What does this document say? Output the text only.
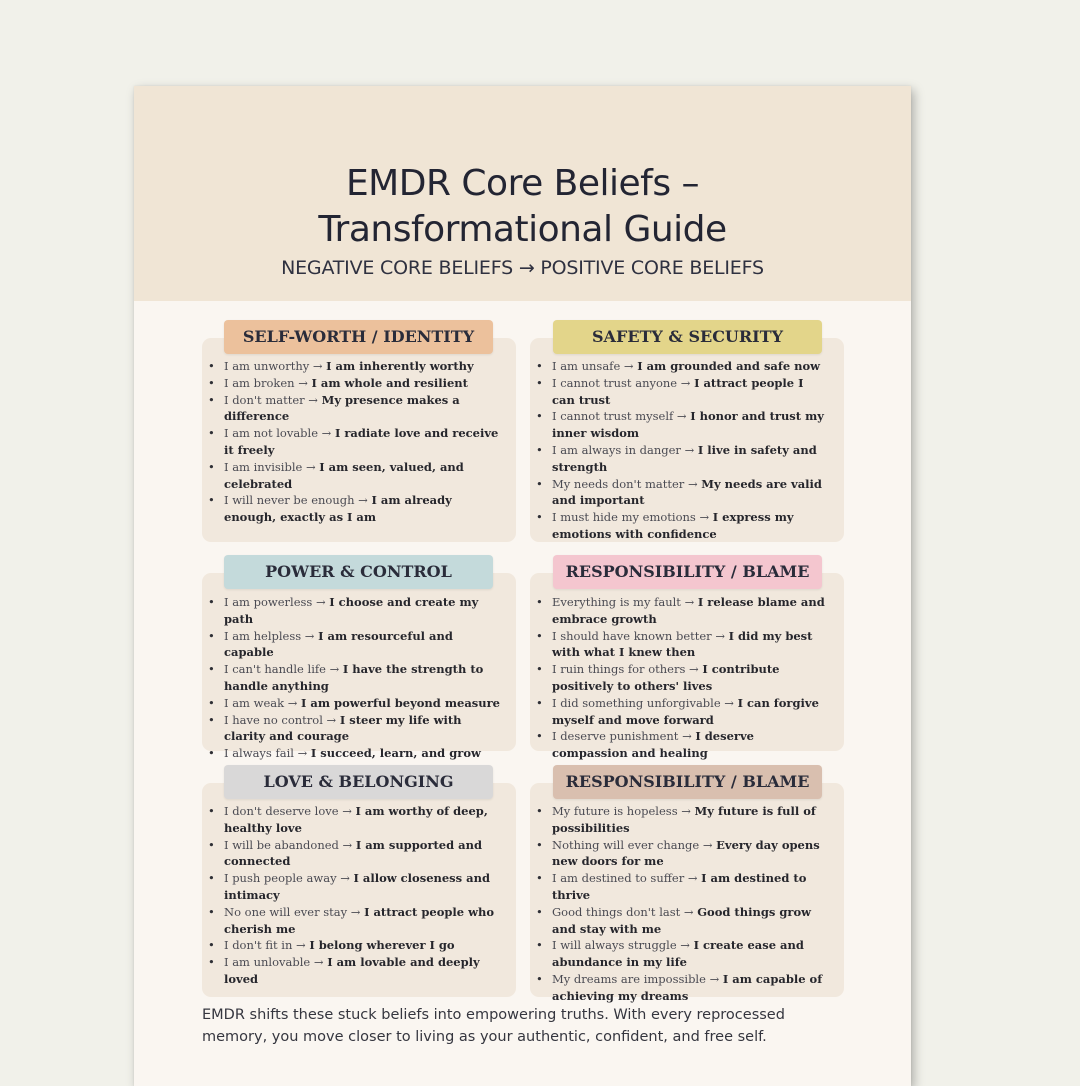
EMDR Core Beliefs –
Transformational Guide
NEGATIVE CORE BELIEFS → POSITIVE CORE BELIEFS
• I am unworthy → I am inherently worthy
• I am broken → I am whole and resilient
• I don't matter → My presence makes a difference
• I am not lovable → I radiate love and receive it freely
• I am invisible → I am seen, valued, and celebrated
• I will never be enough → I am already enough, exactly as I am
SELF-WORTH / IDENTITY
• I am unsafe → I am grounded and safe now
• I cannot trust anyone → I attract people I can trust
• I cannot trust myself → I honor and trust my inner wisdom
• I am always in danger → I live in safety and strength
• My needs don't matter → My needs are valid and important
• I must hide my emotions → I express my emotions with confidence
SAFETY & SECURITY
• I am powerless → I choose and create my path
• I am helpless → I am resourceful and capable
• I can't handle life → I have the strength to handle anything
• I am weak → I am powerful beyond measure
• I have no control → I steer my life with clarity and courage
• I always fail → I succeed, learn, and grow
POWER & CONTROL
• Everything is my fault → I release blame and embrace growth
• I should have known better → I did my best with what I knew then
• I ruin things for others → I contribute positively to others' lives
• I did something unforgivable → I can forgive myself and move forward
• I deserve punishment → I deserve compassion and healing
RESPONSIBILITY / BLAME
• I don't deserve love → I am worthy of deep, healthy love
• I will be abandoned → I am supported and connected
• I push people away → I allow closeness and intimacy
• No one will ever stay → I attract people who cherish me
• I don't fit in → I belong wherever I go
• I am unlovable → I am lovable and deeply loved
LOVE & BELONGING
• My future is hopeless → My future is full of possibilities
• Nothing will ever change → Every day opens new doors for me
• I am destined to suffer → I am destined to thrive
• Good things don't last → Good things grow and stay with me
• I will always struggle → I create ease and abundance in my life
• My dreams are impossible → I am capable of achieving my dreams
RESPONSIBILITY / BLAME

EMDR shifts these stuck beliefs into empowering truths. With every reprocessed memory, you move closer to living as your authentic, confident, and free self.
